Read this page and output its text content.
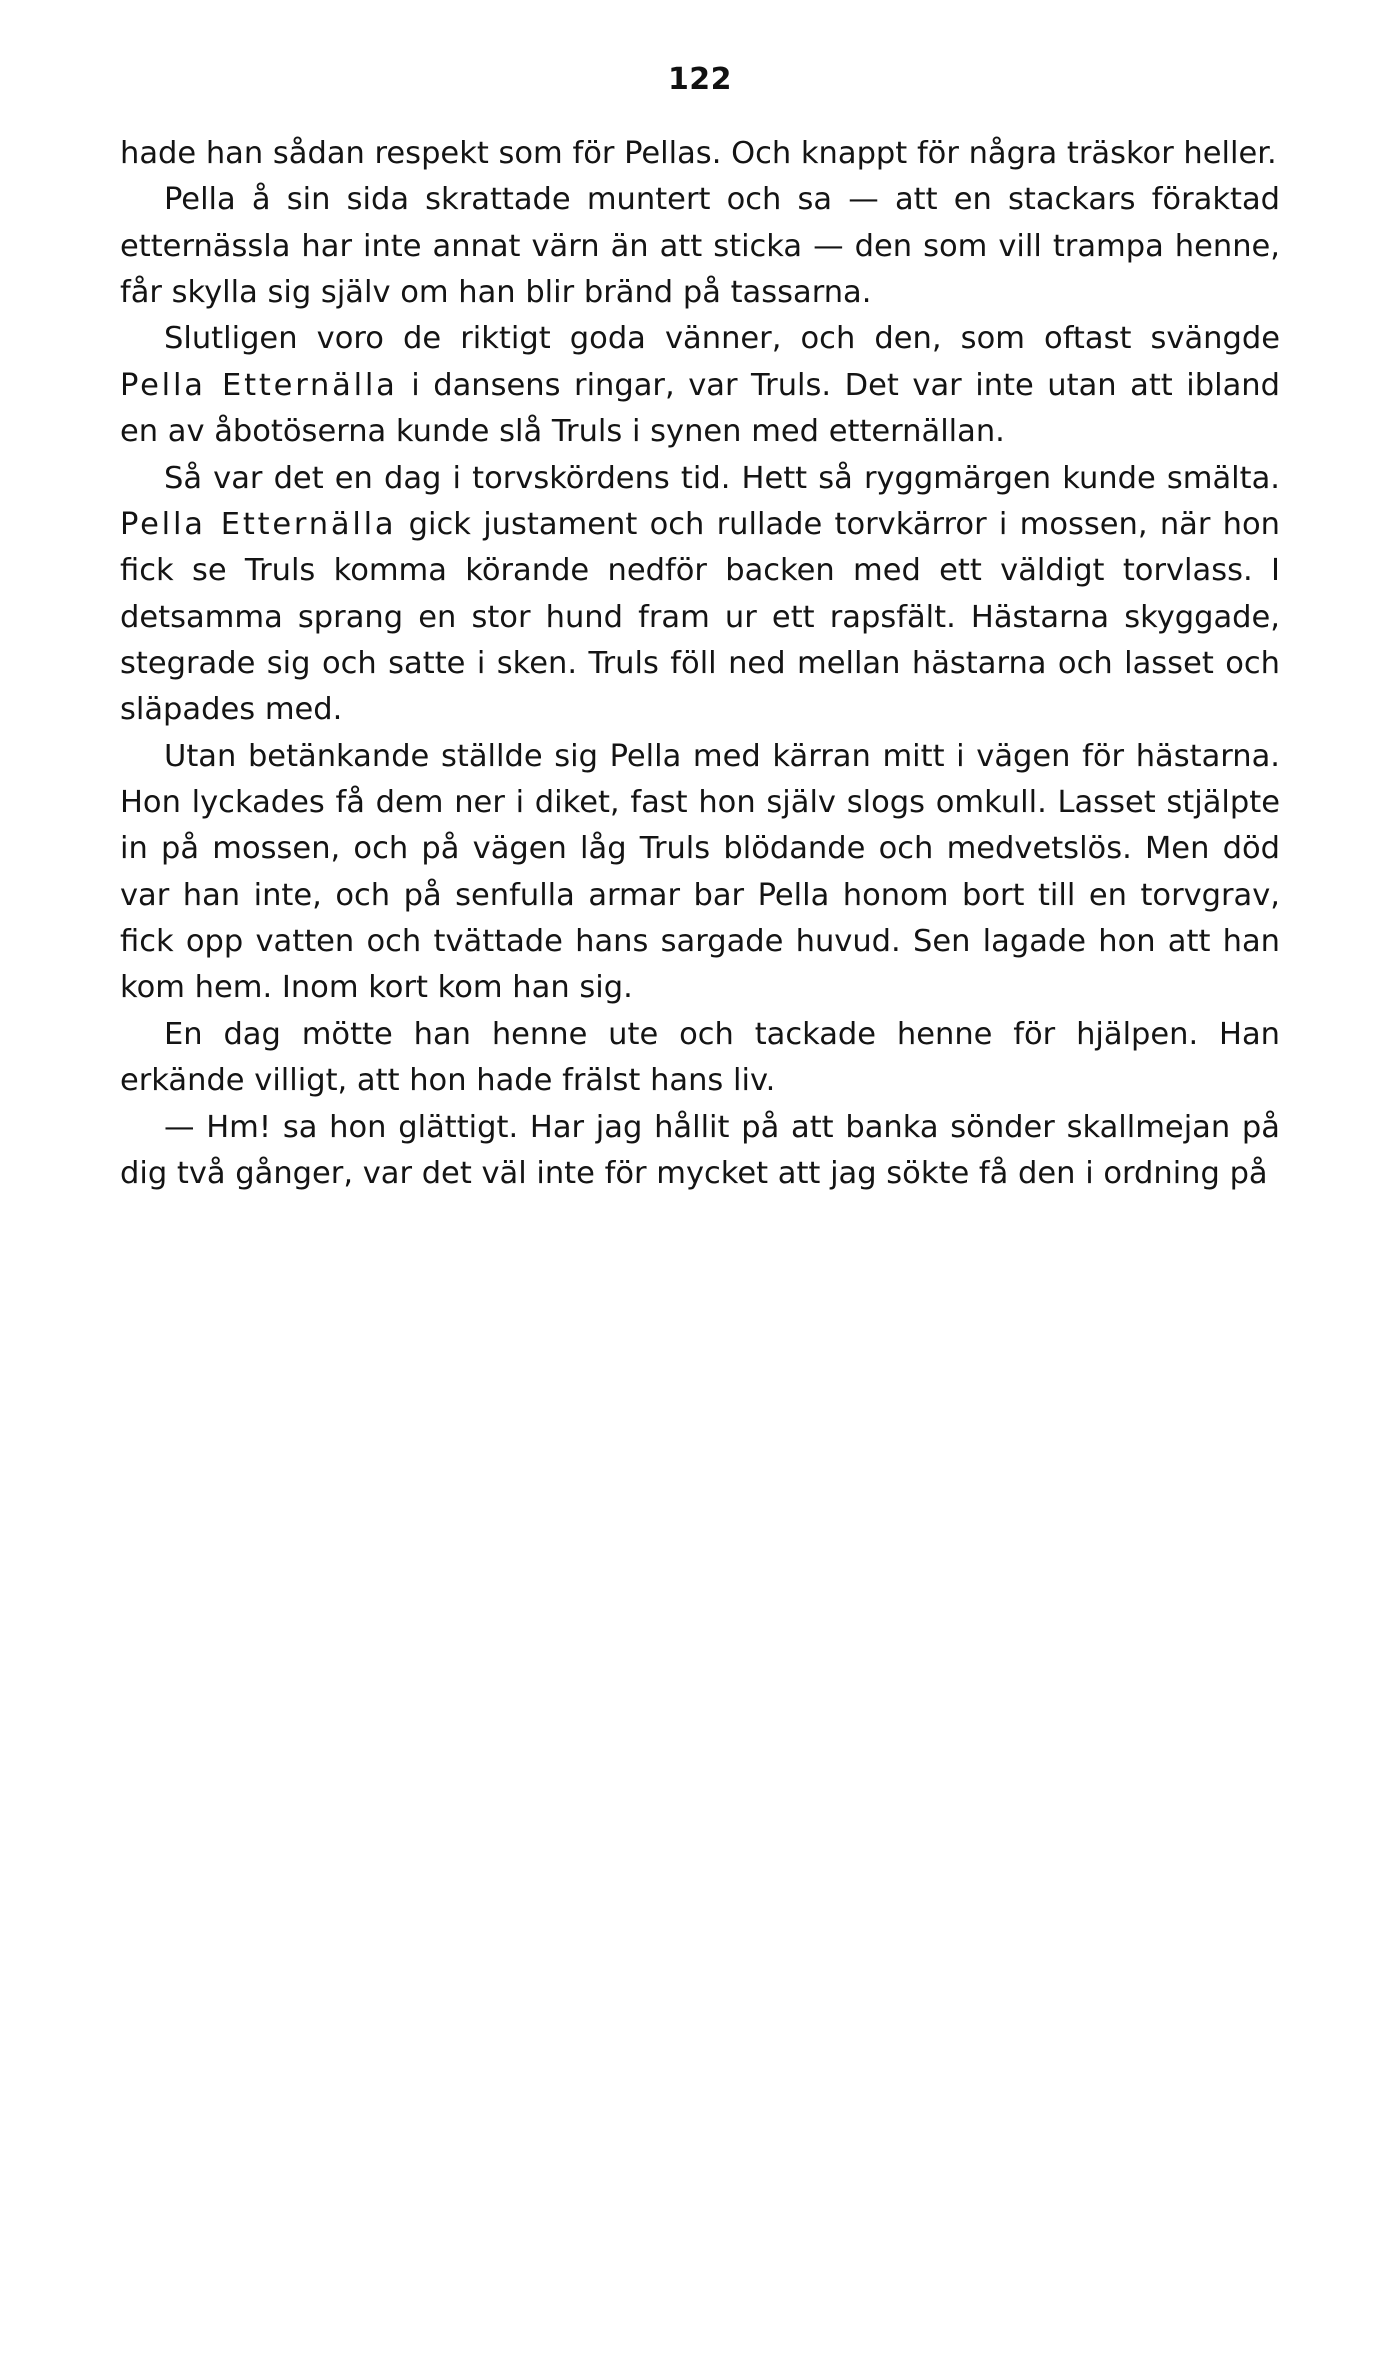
122

hade han sådan respekt som för Pellas. Och knappt för några träskor heller.

Pella å sin sida skrattade muntert och sa — att en stackars föraktad etternässla har inte annat värn än att sticka — den som vill trampa henne, får skylla sig själv om han blir bränd på tassarna.

Slutligen voro de riktigt goda vänner, och den, som oftast svängde Pella Etternälla i dansens ringar, var Truls. Det var inte utan att ibland en av åbotöserna kunde slå Truls i synen med etternällan.

Så var det en dag i torvskördens tid. Hett så ryggmärgen kunde smälta. Pella Etternälla gick justament och rullade torvkärror i mossen, när hon fick se Truls komma körande nedför backen med ett väldigt torvlass. I detsamma sprang en stor hund fram ur ett rapsfält. Hästarna skyggade, stegrade sig och satte i sken. Truls föll ned mellan hästarna och lasset och släpades med.

Utan betänkande ställde sig Pella med kärran mitt i vägen för hästarna. Hon lyckades få dem ner i diket, fast hon själv slogs omkull. Lasset stjälpte in på mossen, och på vägen låg Truls blödande och medvetslös. Men död var han inte, och på senfulla armar bar Pella honom bort till en torvgrav, fick opp vatten och tvättade hans sargade huvud. Sen lagade hon att han kom hem. Inom kort kom han sig.

En dag mötte han henne ute och tackade henne för hjälpen. Han erkände villigt, att hon hade frälst hans liv.

— Hm! sa hon glättigt. Har jag hållit på att banka sönder skallmejan på dig två gånger, var det väl inte för mycket att jag sökte få den i ordning på
